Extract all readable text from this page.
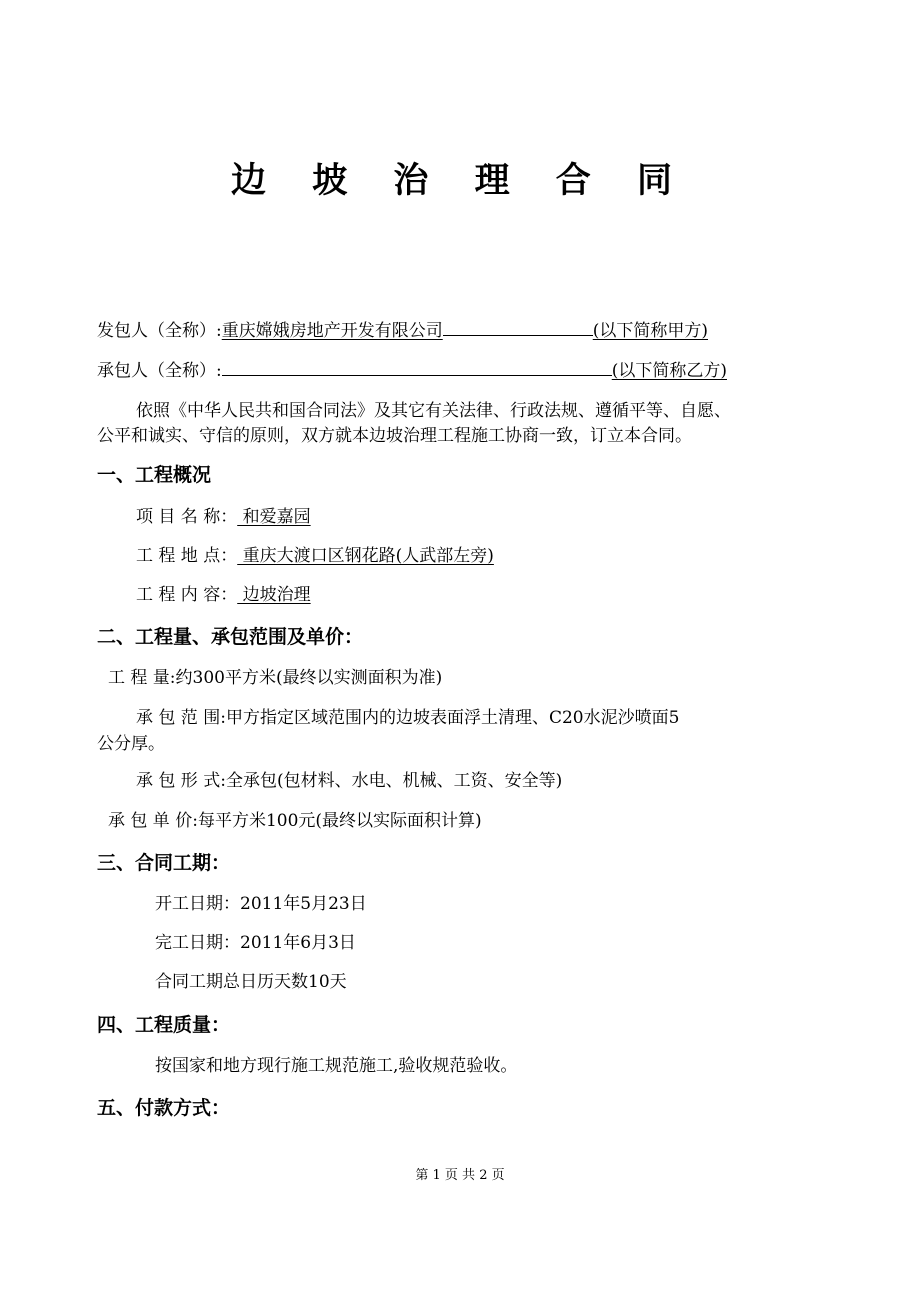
边 坡 治 理 合 同
发包人（全称）:重庆嫦娥房地产开发有限公司	(以下简称甲方)
承包人（全称）:	(以下简称乙方)
依照《中华人民共和国合同法》及其它有关法律、行政法规、遵循平等、自愿、
公平和诚实、守信的原则，双方就本边坡治理工程施工协商一致，订立本合同。
一、工程概况
项 目 名 称： 和爱嘉园
工 程 地 点： 重庆大渡口区钢花路(人武部左旁)
工 程 内 容： 边坡治理
二、工程量、承包范围及单价：
工 程 量:约300平方米(最终以实测面积为准)
承 包 范 围:甲方指定区域范围内的边坡表面浮土清理、C20水泥沙喷面5
公分厚。
承 包 形 式:全承包(包材料、水电、机械、工资、安全等)
承 包 单 价:每平方米100元(最终以实际面积计算)
三、合同工期：
开工日期：2011年5月23日
完工日期：2011年6月3日
合同工期总日历天数10天
四、工程质量：
按国家和地方现行施工规范施工,验收规范验收。
五、付款方式：
第 1 页 共 2 页
